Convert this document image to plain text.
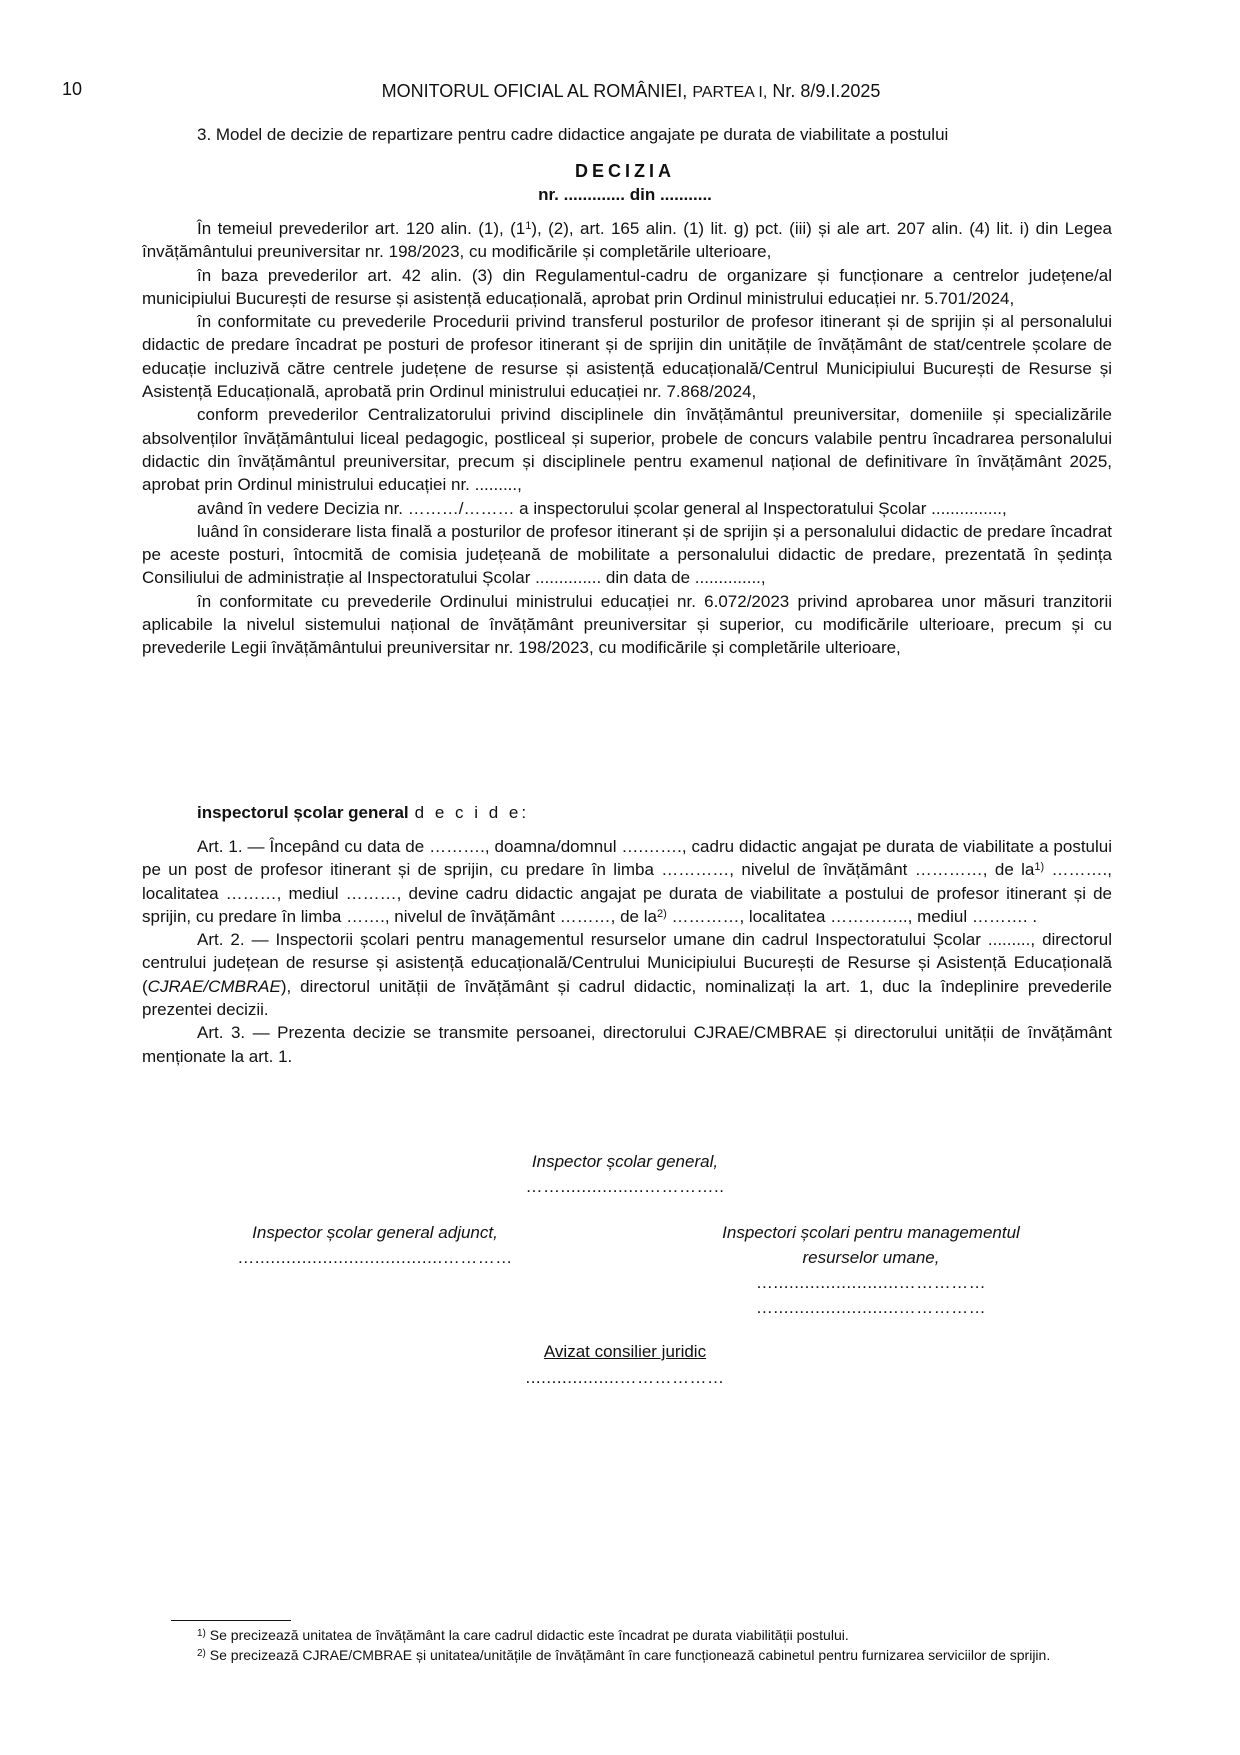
10	MONITORUL OFICIAL AL ROMÂNIEI, PARTEA I, Nr. 8/9.I.2025
3. Model de decizie de repartizare pentru cadre didactice angajate pe durata de viabilitate a postului
DECIZIA
nr. ............. din ...........

În temeiul prevederilor art. 120 alin. (1), $(1^1)$, (2), art. 165 alin. (1) lit. g) pct. (iii) și ale art. 207 alin. (4) lit. i) din Legea învățământului preuniversitar nr. 198/2023, cu modificările și completările ulterioare,

în baza prevederilor art. 42 alin. (3) din Regulamentul-cadru de organizare și funcționare a centrelor județene/al municipiului București de resurse și asistență educațională, aprobat prin Ordinul ministrului educației nr. 5.701/2024,

în conformitate cu prevederile Procedurii privind transferul posturilor de profesor itinerant și de sprijin și al personalului didactic de predare încadrat pe posturi de profesor itinerant și de sprijin din unitățile de învățământ de stat/centrele școlare de educație incluzivă către centrele județene de resurse și asistență educațională/Centrul Municipiului București de Resurse și Asistență Educațională, aprobată prin Ordinul ministrului educației nr. 7.868/2024,

conform prevederilor Centralizatorului privind disciplinele din învățământul preuniversitar, domeniile și specializările absolvenților învățământului liceal pedagogic, postliceal și superior, probele de concurs valabile pentru încadrarea personalului didactic din învățământul preuniversitar, precum și disciplinele pentru examenul național de definitivare în învățământ 2025, aprobat prin Ordinul ministrului educației nr. .........,

având în vedere Decizia nr. ………/……… a inspectorului școlar general al Inspectoratului Școlar ...............,

luând în considerare lista finală a posturilor de profesor itinerant și de sprijin și a personalului didactic de predare încadrat pe aceste posturi, întocmită de comisia județeană de mobilitate a personalului didactic de predare, prezentată în ședința Consiliului de administrație al Inspectoratului Școlar .............. din data de ..............,

în conformitate cu prevederile Ordinului ministrului educației nr. 6.072/2023 privind aprobarea unor măsuri tranzitorii aplicabile la nivelul sistemului național de învățământ preuniversitar și superior, cu modificările ulterioare, precum și cu prevederile Legii învățământului preuniversitar nr. 198/2023, cu modificările și completările ulterioare,

inspectorul școlar general d e c i d e:

Art. 1. — Începând cu data de ………., doamna/domnul ….……., cadru didactic angajat pe durata de viabilitate a postului pe un post de profesor itinerant și de sprijin, cu predare în limba …………, nivelul de învățământ …………, de $la^{1)}$ ………., localitatea ………, mediul ………, devine cadru didactic angajat pe durata de viabilitate a postului de profesor itinerant și de sprijin, cu predare în limba ……., nivelul de învățământ ………, de $la^{2)}$ …………, localitatea ………….., mediul ………. .

Art. 2. — Inspectorii școlari pentru managementul resurselor umane din cadrul Inspectoratului Școlar ........., directorul centrului județean de resurse și asistență educațională/Centrului Municipiului București de Resurse și Asistență Educațională (CJRAE/CMBRAE), directorul unității de învățământ și cadrul didactic, nominalizați la art. 1, duc la îndeplinire prevederile prezentei decizii.

Art. 3. — Prezenta decizie se transmite persoanei, directorului CJRAE/CMBRAE și directorului unității de învățământ menționate la art. 1.

Inspector școlar general,
……................…………..
Inspector școlar general adjunct,
…....................................…………
Inspectori școlari pentru managementul
resurselor umane,
…........................……………
…........................……………
Avizat consilier juridic
..................………………

$^{1)}$ Se precizează unitatea de învățământ la care cadrul didactic este încadrat pe durata viabilității postului.

$^{2)}$ Se precizează CJRAE/CMBRAE și unitatea/unitățile de învățământ în care funcționează cabinetul pentru furnizarea serviciilor de sprijin.
